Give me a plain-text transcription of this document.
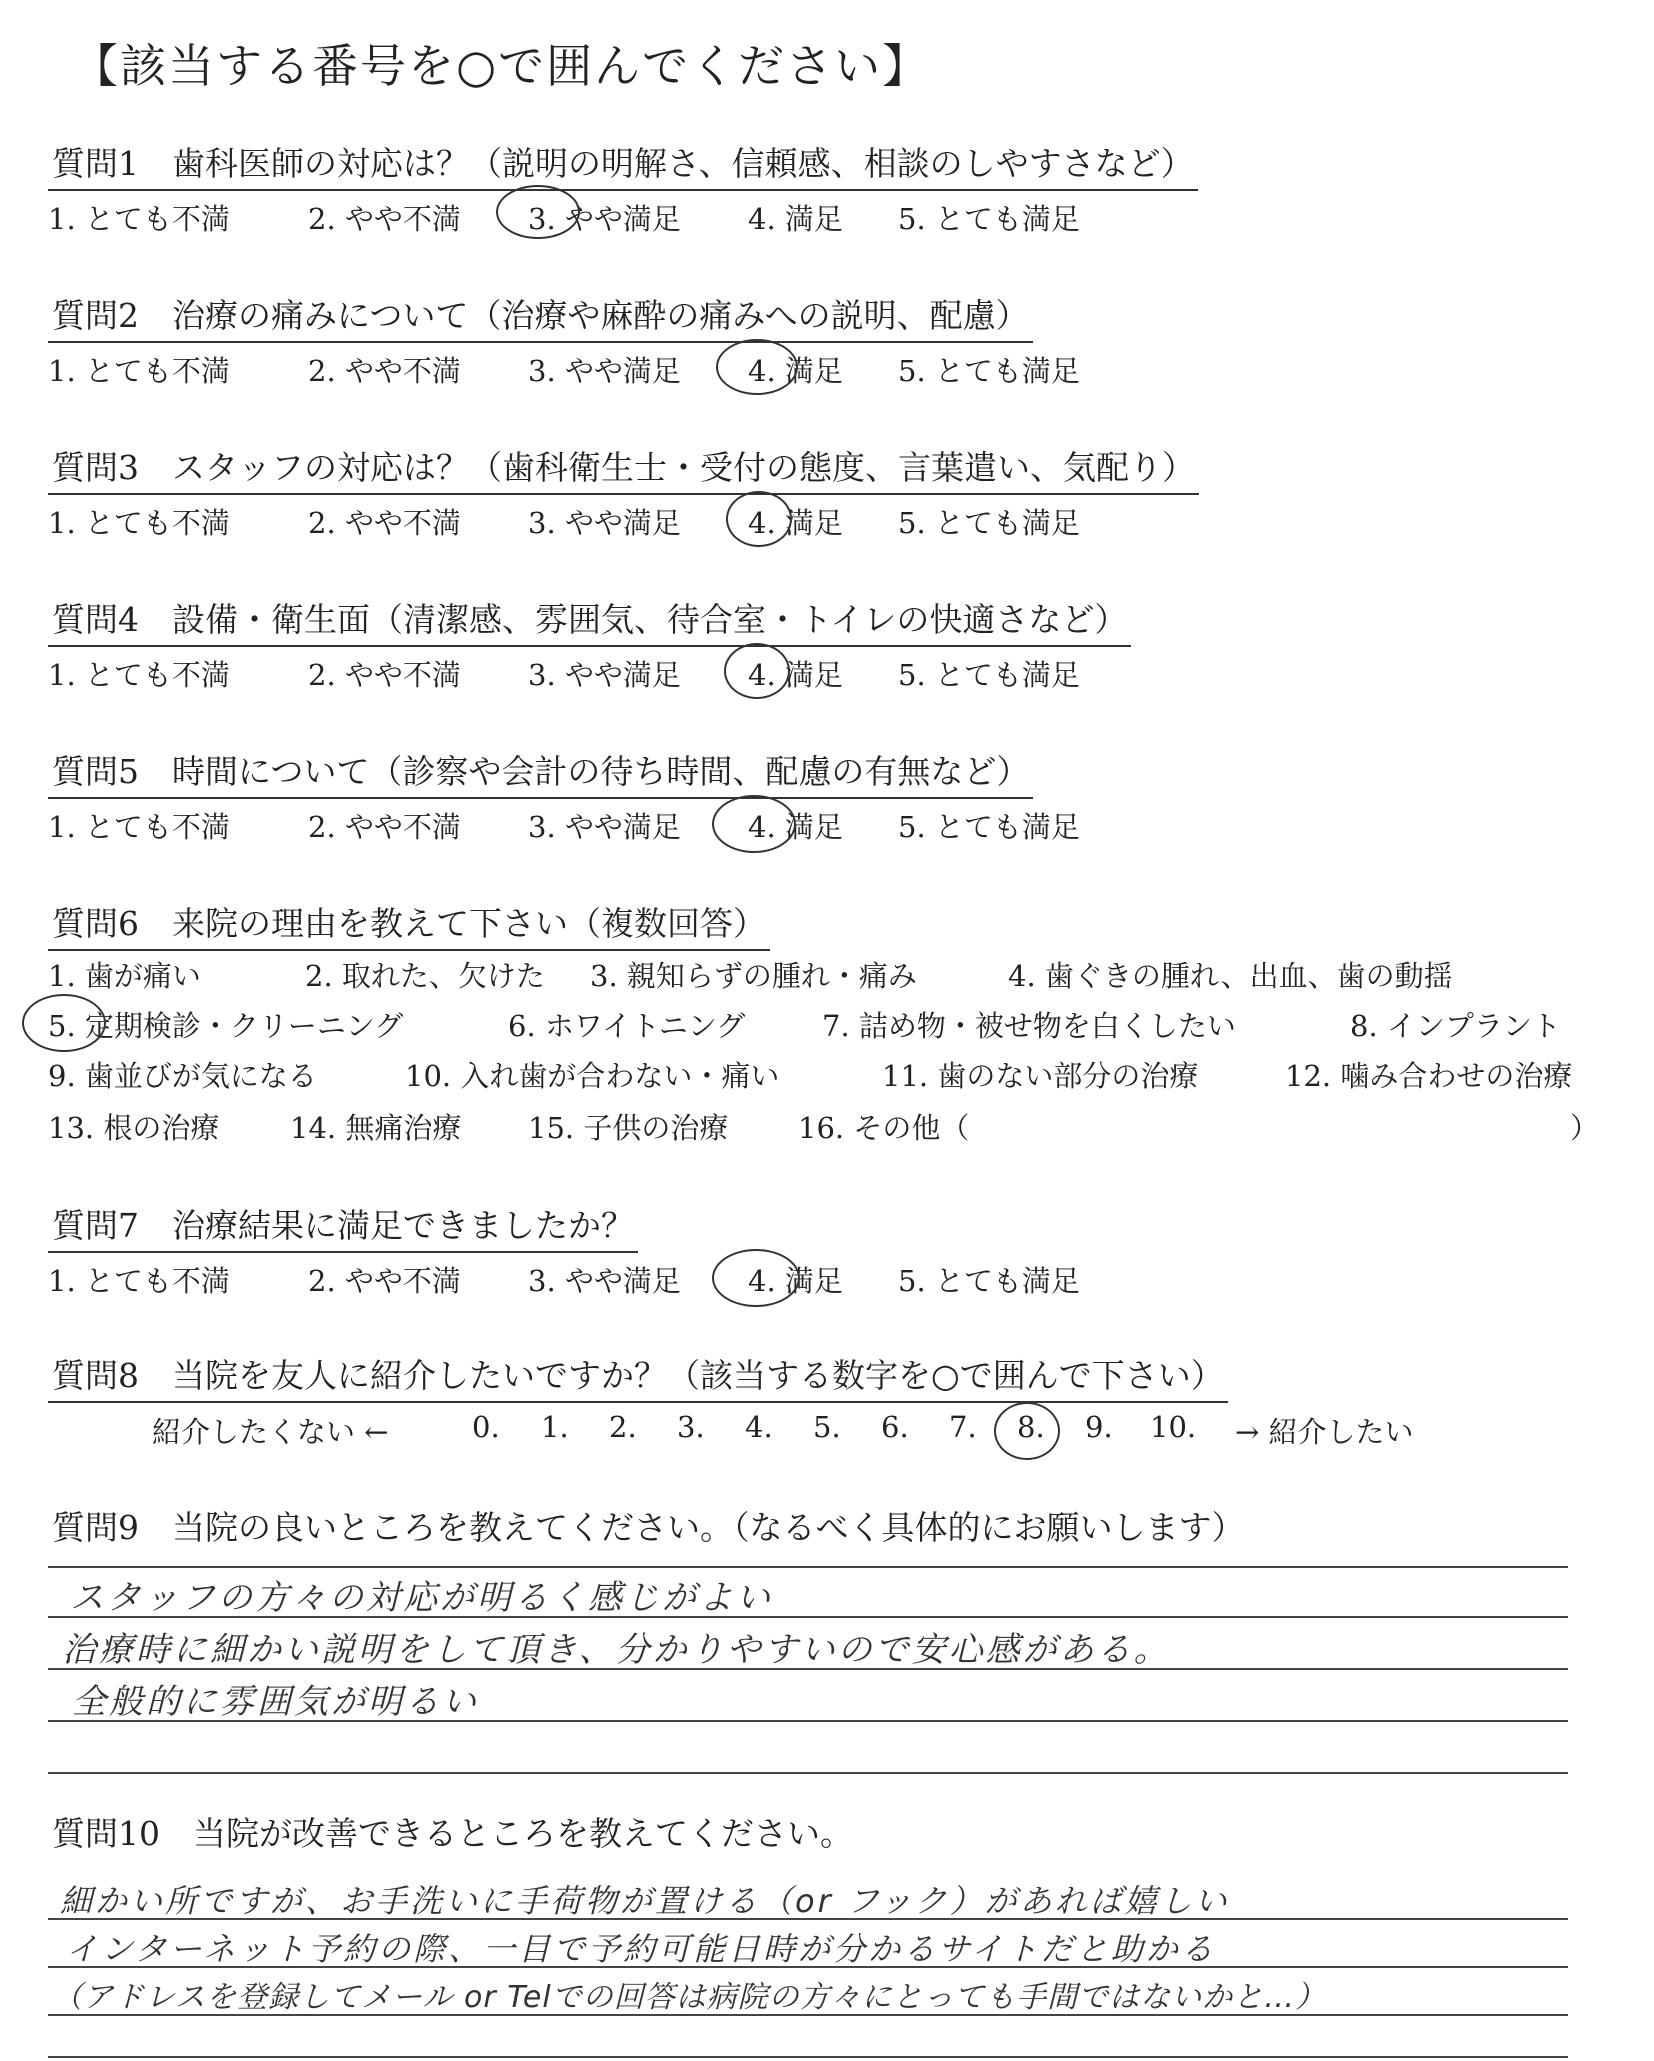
【該当する番号を○で囲んでください】
質問1　歯科医師の対応は？（説明の明解さ、信頼感、相談のしやすさなど）
1. とても不満	2. やや不満 3. やや満足 4. 満足 5. とても満足
質問2　治療の痛みについて（治療や麻酔の痛みへの説明、配慮）
1. とても不満	2. やや不満 3. やや満足 4. 満足 5. とても満足
質問3　スタッフの対応は？（歯科衛生士・受付の態度、言葉遣い、気配り）
1. とても不満	2. やや不満 3. やや満足 4. 満足 5. とても満足
質問4　設備・衛生面（清潔感、雰囲気、待合室・トイレの快適さなど）
1. とても不満	2. やや不満 3. やや満足 4. 満足 5. とても満足
質問5　時間について（診察や会計の待ち時間、配慮の有無など）
1. とても不満	2. やや不満 3. やや満足 4. 満足 5. とても満足
質問6　来院の理由を教えて下さい（複数回答）
1. 歯が痛い	2. 取れた、欠けた 3. 親知らずの腫れ・痛み	4. 歯ぐきの腫れ、出血、歯の動揺
5. 定期検診・クリーニング	6. ホワイトニング	7. 詰め物・被せ物を白くしたい	8. インプラント
9. 歯並びが気になる	10. 入れ歯が合わない・痛い	11. 歯のない部分の治療	12. 噛み合わせの治療
13. 根の治療 14. 無痛治療 15. 子供の治療 16. その他（	）
質問7　治療結果に満足できましたか？
1. とても不満	2. やや不満 3. やや満足 4. 満足 5. とても満足
質問8　当院を友人に紹介したいですか？（該当する数字を○で囲んで下さい）
紹介したくない ←	0. 1. 2. 3. 4. 5. 6. 7. 8. 9. 10. → 紹介したい
質問9　当院の良いところを教えてください。（なるべく具体的にお願いします）
スタッフの方々の対応が明るく感じがよい
治療時に細かい説明をして頂き、分かりやすいので安心感がある。
全般的に雰囲気が明るい
質問10　当院が改善できるところを教えてください。
細かい所ですが、お手洗いに手荷物が置ける（or フック）があれば嬉しい
インターネット予約の際、一目で予約可能日時が分かるサイトだと助かる
（アドレスを登録してメール or Telでの回答は病院の方々にとっても手間ではないかと…）
